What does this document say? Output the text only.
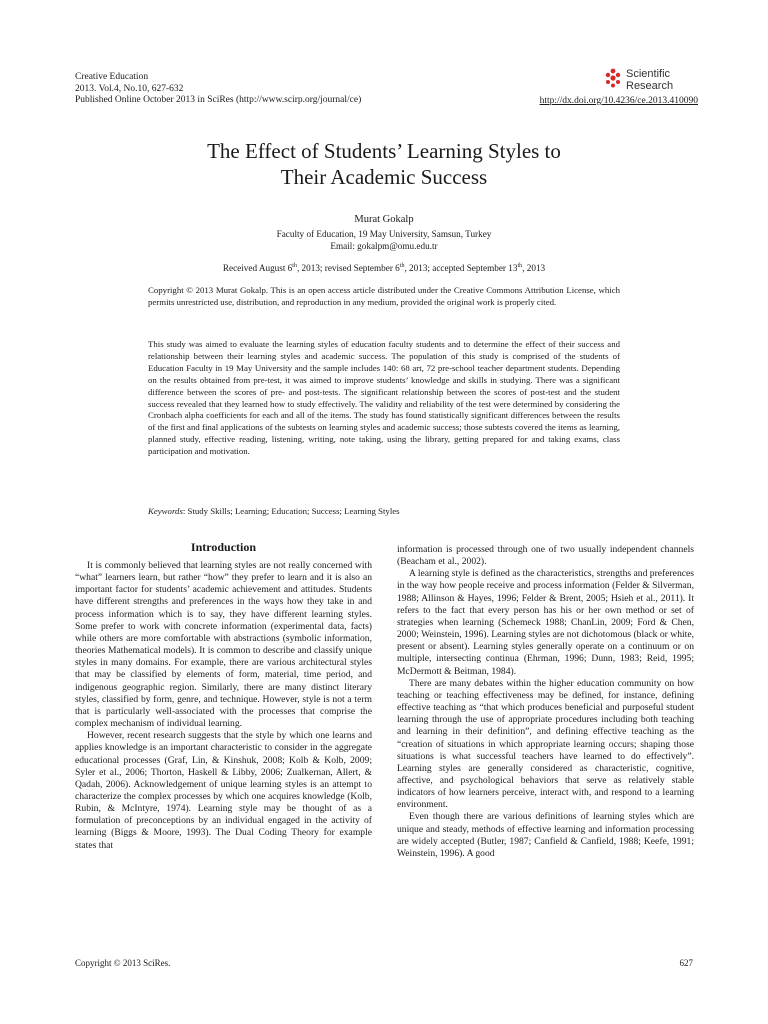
Creative Education
2013. Vol.4, No.10, 627-632
Published Online October 2013 in SciRes (http://www.scirp.org/journal/ce)
Scientific
Research
http://dx.doi.org/10.4236/ce.2013.410090
The Effect of Students’ Learning Styles to
Their Academic Success
Murat Gokalp
Faculty of Education, 19 May University, Samsun, Turkey
Email: gokalpm@omu.edu.tr
Received August 6th, 2013; revised September 6th, 2013; accepted September 13th, 2013
Copyright © 2013 Murat Gokalp. This is an open access article distributed under the Creative Commons Attribution License, which permits unrestricted use, distribution, and reproduction in any medium, provided the original work is properly cited.
This study was aimed to evaluate the learning styles of education faculty students and to determine the effect of their success and relationship between their learning styles and academic success. The population of this study is comprised of the students of Education Faculty in 19 May University and the sample includes 140: 68 art, 72 pre-school teacher department students. Depending on the results obtained from pre-test, it was aimed to improve students’ knowledge and skills in studying. There was a significant difference between the scores of pre- and post-tests. The significant relationship between the scores of post-test and the student success revealed that they learned how to study effectively. The validity and reliability of the test were determined by considering the Cronbach alpha coefficients for each and all of the items. The study has found statistically significant differences between the results of the first and final applications of the subtests on learning styles and academic success; those subtests covered the items as learning, planned study, effective reading, listening, writing, note taking, using the library, getting prepared for and taking exams, class participation and motivation.
Keywords: Study Skills; Learning; Education; Success; Learning Styles
Introduction

It is commonly believed that learning styles are not really concerned with “what” learners learn, but rather “how” they prefer to learn and it is also an important factor for students’ academic achievement and attitudes. Students have different strengths and preferences in the ways how they take in and process information which is to say, they have different learning styles. Some prefer to work with concrete information (experimental data, facts) while others are more comfortable with abstractions (symbolic information, theories Mathematical models). It is common to describe and classify unique styles in many domains. For example, there are various architectural styles that may be classified by elements of form, material, time period, and indigenous geographic region. Similarly, there are many distinct literary styles, classified by form, genre, and technique. However, style is not a term that is particularly well-associated with the processes that comprise the complex mechanism of individual learning.

However, recent research suggests that the style by which one learns and applies knowledge is an important characteristic to consider in the aggregate educational processes (Graf, Lin, & Kinshuk, 2008; Kolb & Kolb, 2009; Syler et al., 2006; Thorton, Haskell & Libby, 2006; Zualkernan, Allert, & Qadah, 2006). Acknowledgement of unique learning styles is an attempt to characterize the complex processes by which one acquires knowledge (Kolb, Rubin, & McIntyre, 1974). Learning style may be thought of as a formulation of preconceptions by an individual engaged in the activity of learning (Biggs & Moore, 1993). The Dual Coding Theory for example states that

information is processed through one of two usually independent channels (Beacham et al., 2002).

A learning style is defined as the characteristics, strengths and preferences in the way how people receive and process information (Felder & Silverman, 1988; Allinson & Hayes, 1996; Felder & Brent, 2005; Hsieh et al., 2011). It refers to the fact that every person has his or her own method or set of strategies when learning (Schemeck 1988; ChanLin, 2009; Ford & Chen, 2000; Weinstein, 1996). Learning styles are not dichotomous (black or white, present or absent). Learning styles generally operate on a continuum or on multiple, intersecting continua (Ehrman, 1996; Dunn, 1983; Reid, 1995; McDermott & Beitman, 1984).

There are many debates within the higher education community on how teaching or teaching effectiveness may be defined, for instance, defining effective teaching as “that which produces beneficial and purposeful student learning through the use of appropriate procedures including both teaching and learning in their definition”, and defining effective teaching as the “creation of situations in which appropriate learning occurs; shaping those situations is what successful teachers have learned to do effectively”. Learning styles are generally considered as characteristic, cognitive, affective, and psychological behaviors that serve as relatively stable indicators of how learners perceive, interact with, and respond to a learning environment.

Even though there are various definitions of learning styles which are unique and steady, methods of effective learning and information processing are widely accepted (Butler, 1987; Canfield & Canfield, 1988; Keefe, 1991; Weinstein, 1996). A good

Copyright © 2013 SciRes.	627
